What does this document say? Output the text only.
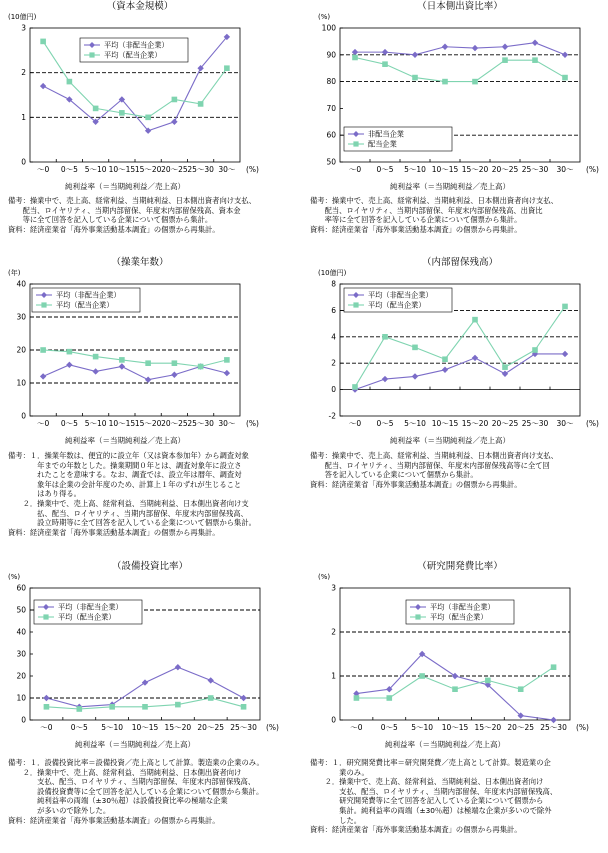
（資本金規模）
(10億円)
0
1
2
3
～0 0～5 5～10 10～15 15～20 20～25 25～30 30～ (%)
純利益率（＝当期純利益／売上高）
平均（非配当企業）
平均（配当企業）
（日本側出資比率）
(%)
50
60
70
80
90
100
～0 0～5 5～10 10～15 15～20 20～25 25～30 30～ (%)
純利益率（＝当期純利益／売上高）
非配当企業
配当企業
（操業年数）
(年)
0
10
20
30
40
～0 0～5 5～10 10～15 15～20 20～25 25～30 30～ (%)
純利益率（＝当期純利益／売上高）
平均（非配当企業）
平均（配当企業）
（内部留保残高）
(10億円)
-2
0
2
4
6
8
～0 0～5 5～10 10～15 15～20 20～25 25～30 30～ (%)
純利益率（＝当期純利益／売上高）
平均（非配当企業）
平均（配当企業）
（設備投資比率）
(%)
0
10
20
30
40
50
60
～0 0～5 5～10 10～15 15～20 20～25 25～30 (%)
純利益率（＝当期純利益／売上高）
平均（非配当企業）
平均（配当企業）
（研究開発費比率）
(%)
0
1
2
3
～0 0～5 5～10 10～15 15～20 20～25 25～30 (%)
純利益率（＝当期純利益／売上高）
平均（非配当企業）
平均（配当企業）
備考：操業中で、売上高、経常利益、当期純利益、日本側出資者向け支払、
　　配当、ロイヤリティ、当期内部留保、年度末内部留保残高、資本金
　　等に全て回答を記入している企業について個票から集計。
資料：経済産業省「海外事業活動基本調査」の個票から再集計。
備考：操業中で、売上高、経常利益、当期純利益、日本側出資者向け支払、
　　配当、ロイヤリティ、当期内部留保、年度末内部留保残高、出資比
　　率等に全て回答を記入している企業について個票から集計。
資料：経済産業省「海外事業活動基本調査」の個票から再集計。
備考：１．操業年数は、便宜的に設立年（又は資本参加年）から調査対象
　　　　年までの年数とした。操業期間０年とは、調査対象年に設立さ
　　　　れたことを意味する。なお、調査では、設立年は暦年、調査対
　　　　象年は企業の会計年度のため、計算上１年のずれが生じること
　　　　はあり得る。
　　２．操業中で、売上高、経常利益、当期純利益、日本側出資者向け支
　　　　払、配当、ロイヤリティ、当期内部留保、年度末内部留保残高、
　　　　設立時期等に全て回答を記入している企業について個票から集計。
資料：経済産業省「海外事業活動基本調査」の個票から再集計。
備考：操業中で、売上高、経常利益、当期純利益、日本側出資者向け支払、
　　配当、ロイヤリティ、当期内部留保、年度末内部留保残高等に全て回
　　答を記入している企業について個票から集計。
資料：経済産業省「海外事業活動基本調査」の個票から再集計。
備考：１．設備投資比率＝設備投資／売上高として計算。製造業の企業のみ。
　　２．操業中で、売上高、経常利益、当期純利益、日本側出資者向け
　　　　支払、配当、ロイヤリティ、当期内部留保、年度末内部留保残高、
　　　　設備投資費等に全て回答を記入している企業について個票から集計。
　　　　純利益率の両端（±30％超）は設備投資比率の極端な企業
　　　　が多いので除外した。
資料：経済産業省「海外事業活動基本調査」の個票から再集計。
備考：１．研究開発費比率＝研究開発費／売上高として計算。製造業の企
　　　　業のみ。
　　２．操業中で、売上高、経常利益、当期純利益、日本側出資者向け
　　　　支払、配当、ロイヤリティ、当期内部留保、年度末内部留保残高、
　　　　研究開発費等に全て回答を記入している企業について個票から
　　　　集計。純利益率の両端（±30％超）は極端な企業が多いので除外
　　　　した。
資料：経済産業省「海外事業活動基本調査」の個票から再集計。
